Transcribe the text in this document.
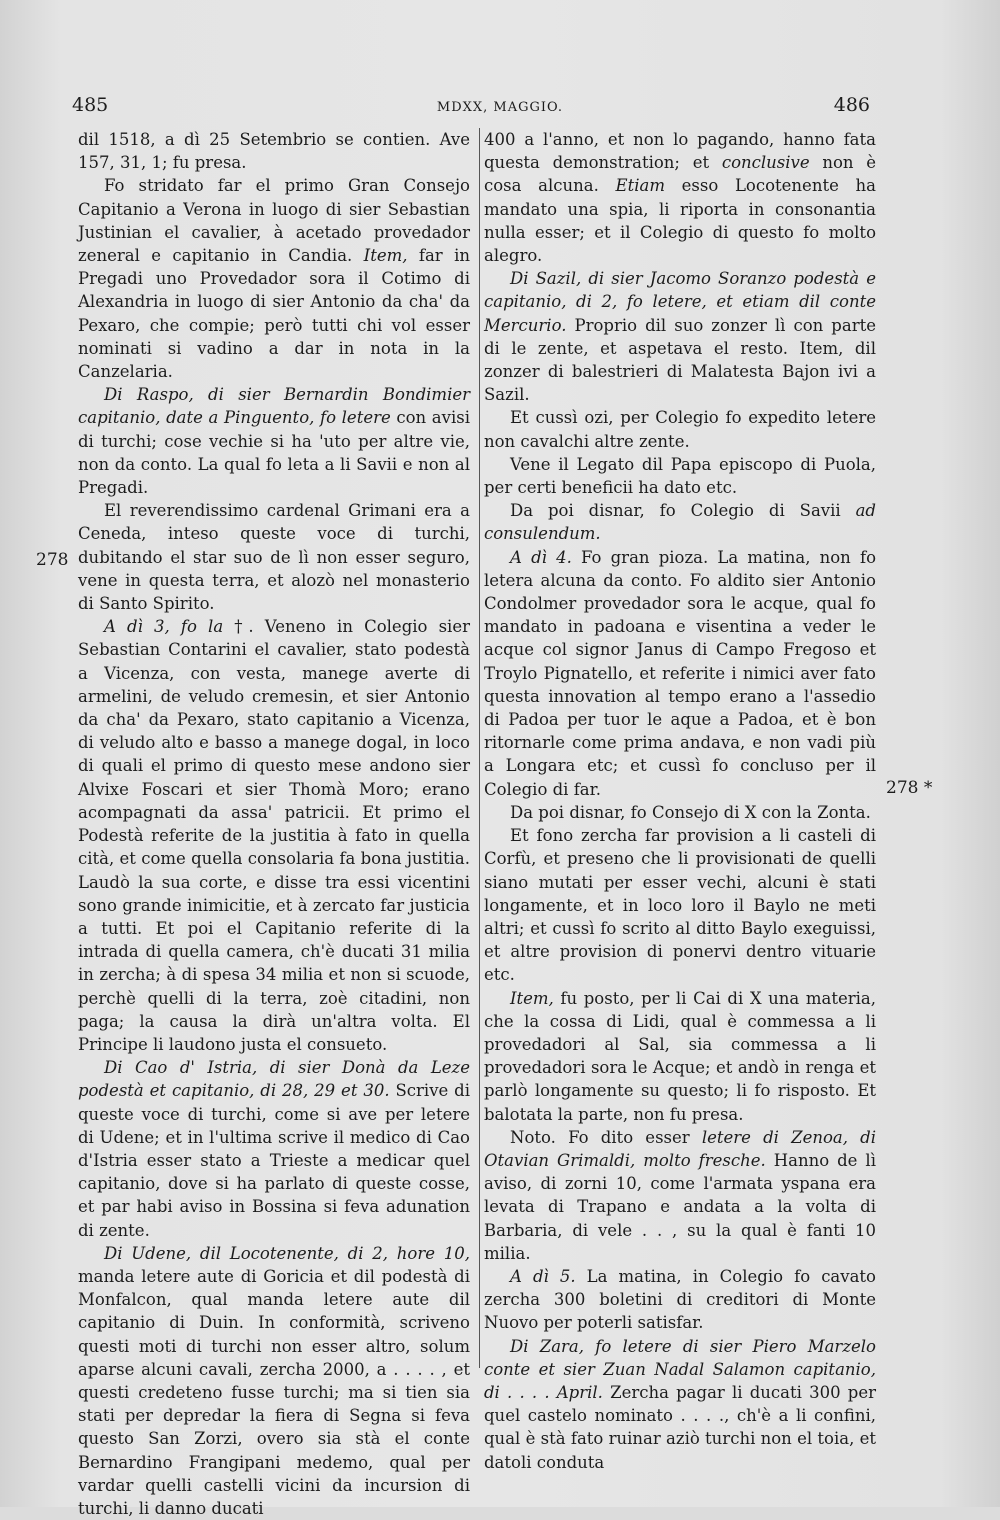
485	MDXX, MAGGIO.	486
278
278 *

dil 1518, a dì 25 Setembrio se contien. Ave 157, 31, 1; fu presa.

Fo stridato far el primo Gran Consejo Capitanio a Verona in luogo di sier Sebastian Justinian el cavalier, à acetado provedador zeneral e capitanio in Candia. Item, far in Pregadi uno Provedador sora il Cotimo di Alexandria in luogo di sier Antonio da cha' da Pexaro, che compie; però tutti chi vol esser nominati si vadino a dar in nota in la Canzelaria.

Di Raspo, di sier Bernardin Bondimier capitanio, date a Pinguento, fo letere con avisi di turchi; cose vechie si ha 'uto per altre vie, non da conto. La qual fo leta a li Savii e non al Pregadi.

El reverendissimo cardenal Grimani era a Ceneda, inteso queste voce di turchi, dubitando el star suo de lì non esser seguro, vene in questa terra, et alozò nel monasterio di Santo Spirito.

A dì 3, fo la †. Veneno in Colegio sier Sebastian Contarini el cavalier, stato podestà a Vicenza, con vesta, manege averte di armelini, de veludo cremesin, et sier Antonio da cha' da Pexaro, stato capitanio a Vicenza, di veludo alto e basso a manege dogal, in loco di quali el primo di questo mese andono sier Alvixe Foscari et sier Thomà Moro; erano acompagnati da assa' patricii. Et primo el Podestà referite de la justitia à fato in quella cità, et come quella consolaria fa bona justitia. Laudò la sua corte, e disse tra essi vicentini sono grande inimicitie, et à zercato far justicia a tutti. Et poi el Capitanio referite di la intrada di quella camera, ch'è ducati 31 milia in zercha; à di spesa 34 milia et non si scuode, perchè quelli di la terra, zoè citadini, non paga; la causa la dirà un'altra volta. El Principe li laudono justa el consueto.

Di Cao d' Istria, di sier Donà da Leze podestà et capitanio, di 28, 29 et 30. Scrive di queste voce di turchi, come si ave per letere di Udene; et in l'ultima scrive il medico di Cao d'Istria esser stato a Trieste a medicar quel capitanio, dove si ha parlato di queste cosse, et par habi aviso in Bossina si feva adunation di zente.

Di Udene, dil Locotenente, di 2, hore 10, manda letere aute di Goricia et dil podestà di Monfalcon, qual manda letere aute dil capitanio di Duin. In conformità, scriveno questi moti di turchi non esser altro, solum aparse alcuni cavali, zercha 2000, a . . . . , et questi credeteno fusse turchi; ma si tien sia stati per depredar la fiera di Segna si feva questo San Zorzi, overo sia stà el conte Bernardino Frangipani medemo, qual per vardar quelli castelli vicini da incursion di turchi, li danno ducati

400 a l'anno, et non lo pagando, hanno fata questa demonstration; et conclusive non è cosa alcuna. Etiam esso Locotenente ha mandato una spia, li riporta in consonantia nulla esser; et il Colegio di questo fo molto alegro.

Di Sazil, di sier Jacomo Soranzo podestà e capitanio, di 2, fo letere, et etiam dil conte Mercurio. Proprio dil suo zonzer lì con parte di le zente, et aspetava el resto. Item, dil zonzer di balestrieri di Malatesta Bajon ivi a Sazil.

Et cussì ozi, per Colegio fo expedito letere non cavalchi altre zente.

Vene il Legato dil Papa episcopo di Puola, per certi beneficii ha dato etc.

Da poi disnar, fo Colegio di Savii ad consulendum.

A dì 4. Fo gran pioza. La matina, non fo letera alcuna da conto. Fo aldito sier Antonio Condolmer provedador sora le acque, qual fo mandato in padoana e visentina a veder le acque col signor Janus di Campo Fregoso et Troylo Pignatello, et referite i nimici aver fato questa innovation al tempo erano a l'assedio di Padoa per tuor le aque a Padoa, et è bon ritornarle come prima andava, e non vadi più a Longara etc; et cussì fo concluso per il Colegio di far.

Da poi disnar, fo Consejo di X con la Zonta.

Et fono zercha far provision a li casteli di Corfù, et preseno che li provisionati de quelli siano mutati per esser vechi, alcuni è stati longamente, et in loco loro il Baylo ne meti altri; et cussì fo scrito al ditto Baylo exeguissi, et altre provision di ponervi dentro vituarie etc.

Item, fu posto, per li Cai di X una materia, che la cossa di Lidi, qual è commessa a li provedadori al Sal, sia commessa a li provedadori sora le Acque; et andò in renga et parlò longamente su questo; li fo risposto. Et balotata la parte, non fu presa.

Noto. Fo dito esser letere di Zenoa, di Otavian Grimaldi, molto fresche. Hanno de lì aviso, di zorni 10, come l'armata yspana era levata di Trapano e andata a la volta di Barbaria, di vele . . , su la qual è fanti 10 milia.

A dì 5. La matina, in Colegio fo cavato zercha 300 boletini di creditori di Monte Nuovo per poterli satisfar.

Di Zara, fo letere di sier Piero Marzelo conte et sier Zuan Nadal Salamon capitanio, di . . . . April. Zercha pagar li ducati 300 per quel castelo nominato . . . ., ch'è a li confini, qual è stà fato ruinar aziò turchi non el toia, et datoli conduta
